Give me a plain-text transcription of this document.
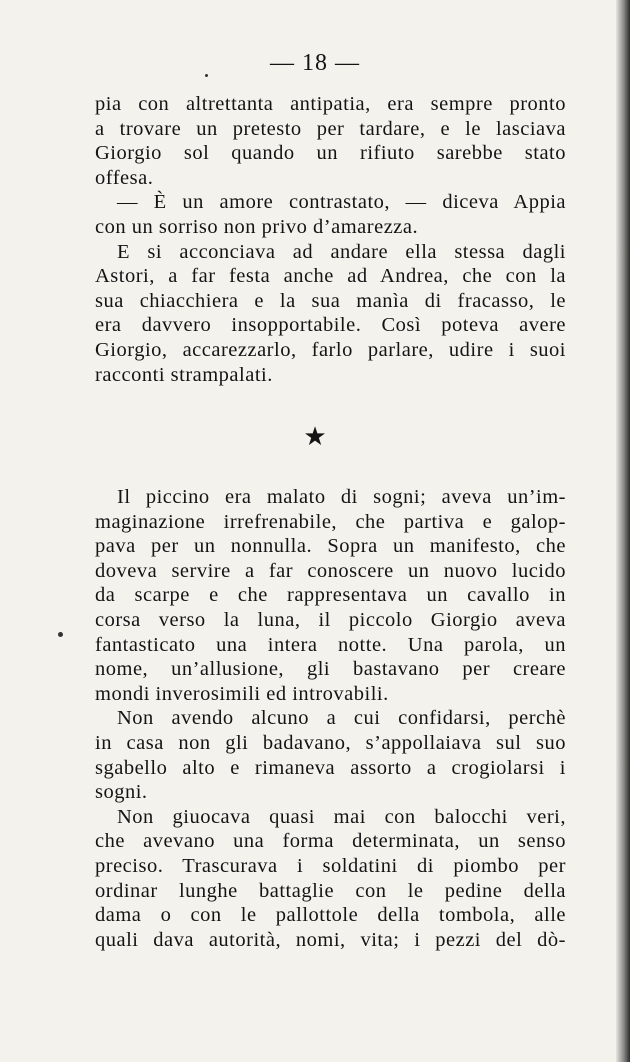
— 18 —
pia con altrettanta antipatia, era sempre pronto
a trovare un pretesto per tardare, e le lasciava
Giorgio sol quando un rifiuto sarebbe stato
offesa.
— È un amore contrastato, — diceva Appia
con un sorriso non privo d’amarezza.
E si acconciava ad andare ella stessa dagli
Astori, a far festa anche ad Andrea, che con la
sua chiacchiera e la sua manìa di fracasso, le
era davvero insopportabile. Così poteva avere
Giorgio, accarezzarlo, farlo parlare, udire i suoi
racconti strampalati.
★
Il piccino era malato di sogni; aveva un’im-
maginazione irrefrenabile, che partiva e galop-
pava per un nonnulla. Sopra un manifesto, che
doveva servire a far conoscere un nuovo lucido
da scarpe e che rappresentava un cavallo in
corsa verso la luna, il piccolo Giorgio aveva
fantasticato una intera notte. Una parola, un
nome, un’allusione, gli bastavano per creare
mondi inverosimili ed introvabili.
Non avendo alcuno a cui confidarsi, perchè
in casa non gli badavano, s’appollaiava sul suo
sgabello alto e rimaneva assorto a crogiolarsi i
sogni.
Non giuocava quasi mai con balocchi veri,
che avevano una forma determinata, un senso
preciso. Trascurava i soldatini di piombo per
ordinar lunghe battaglie con le pedine della
dama o con le pallottole della tombola, alle
quali dava autorità, nomi, vita; i pezzi del dò-
